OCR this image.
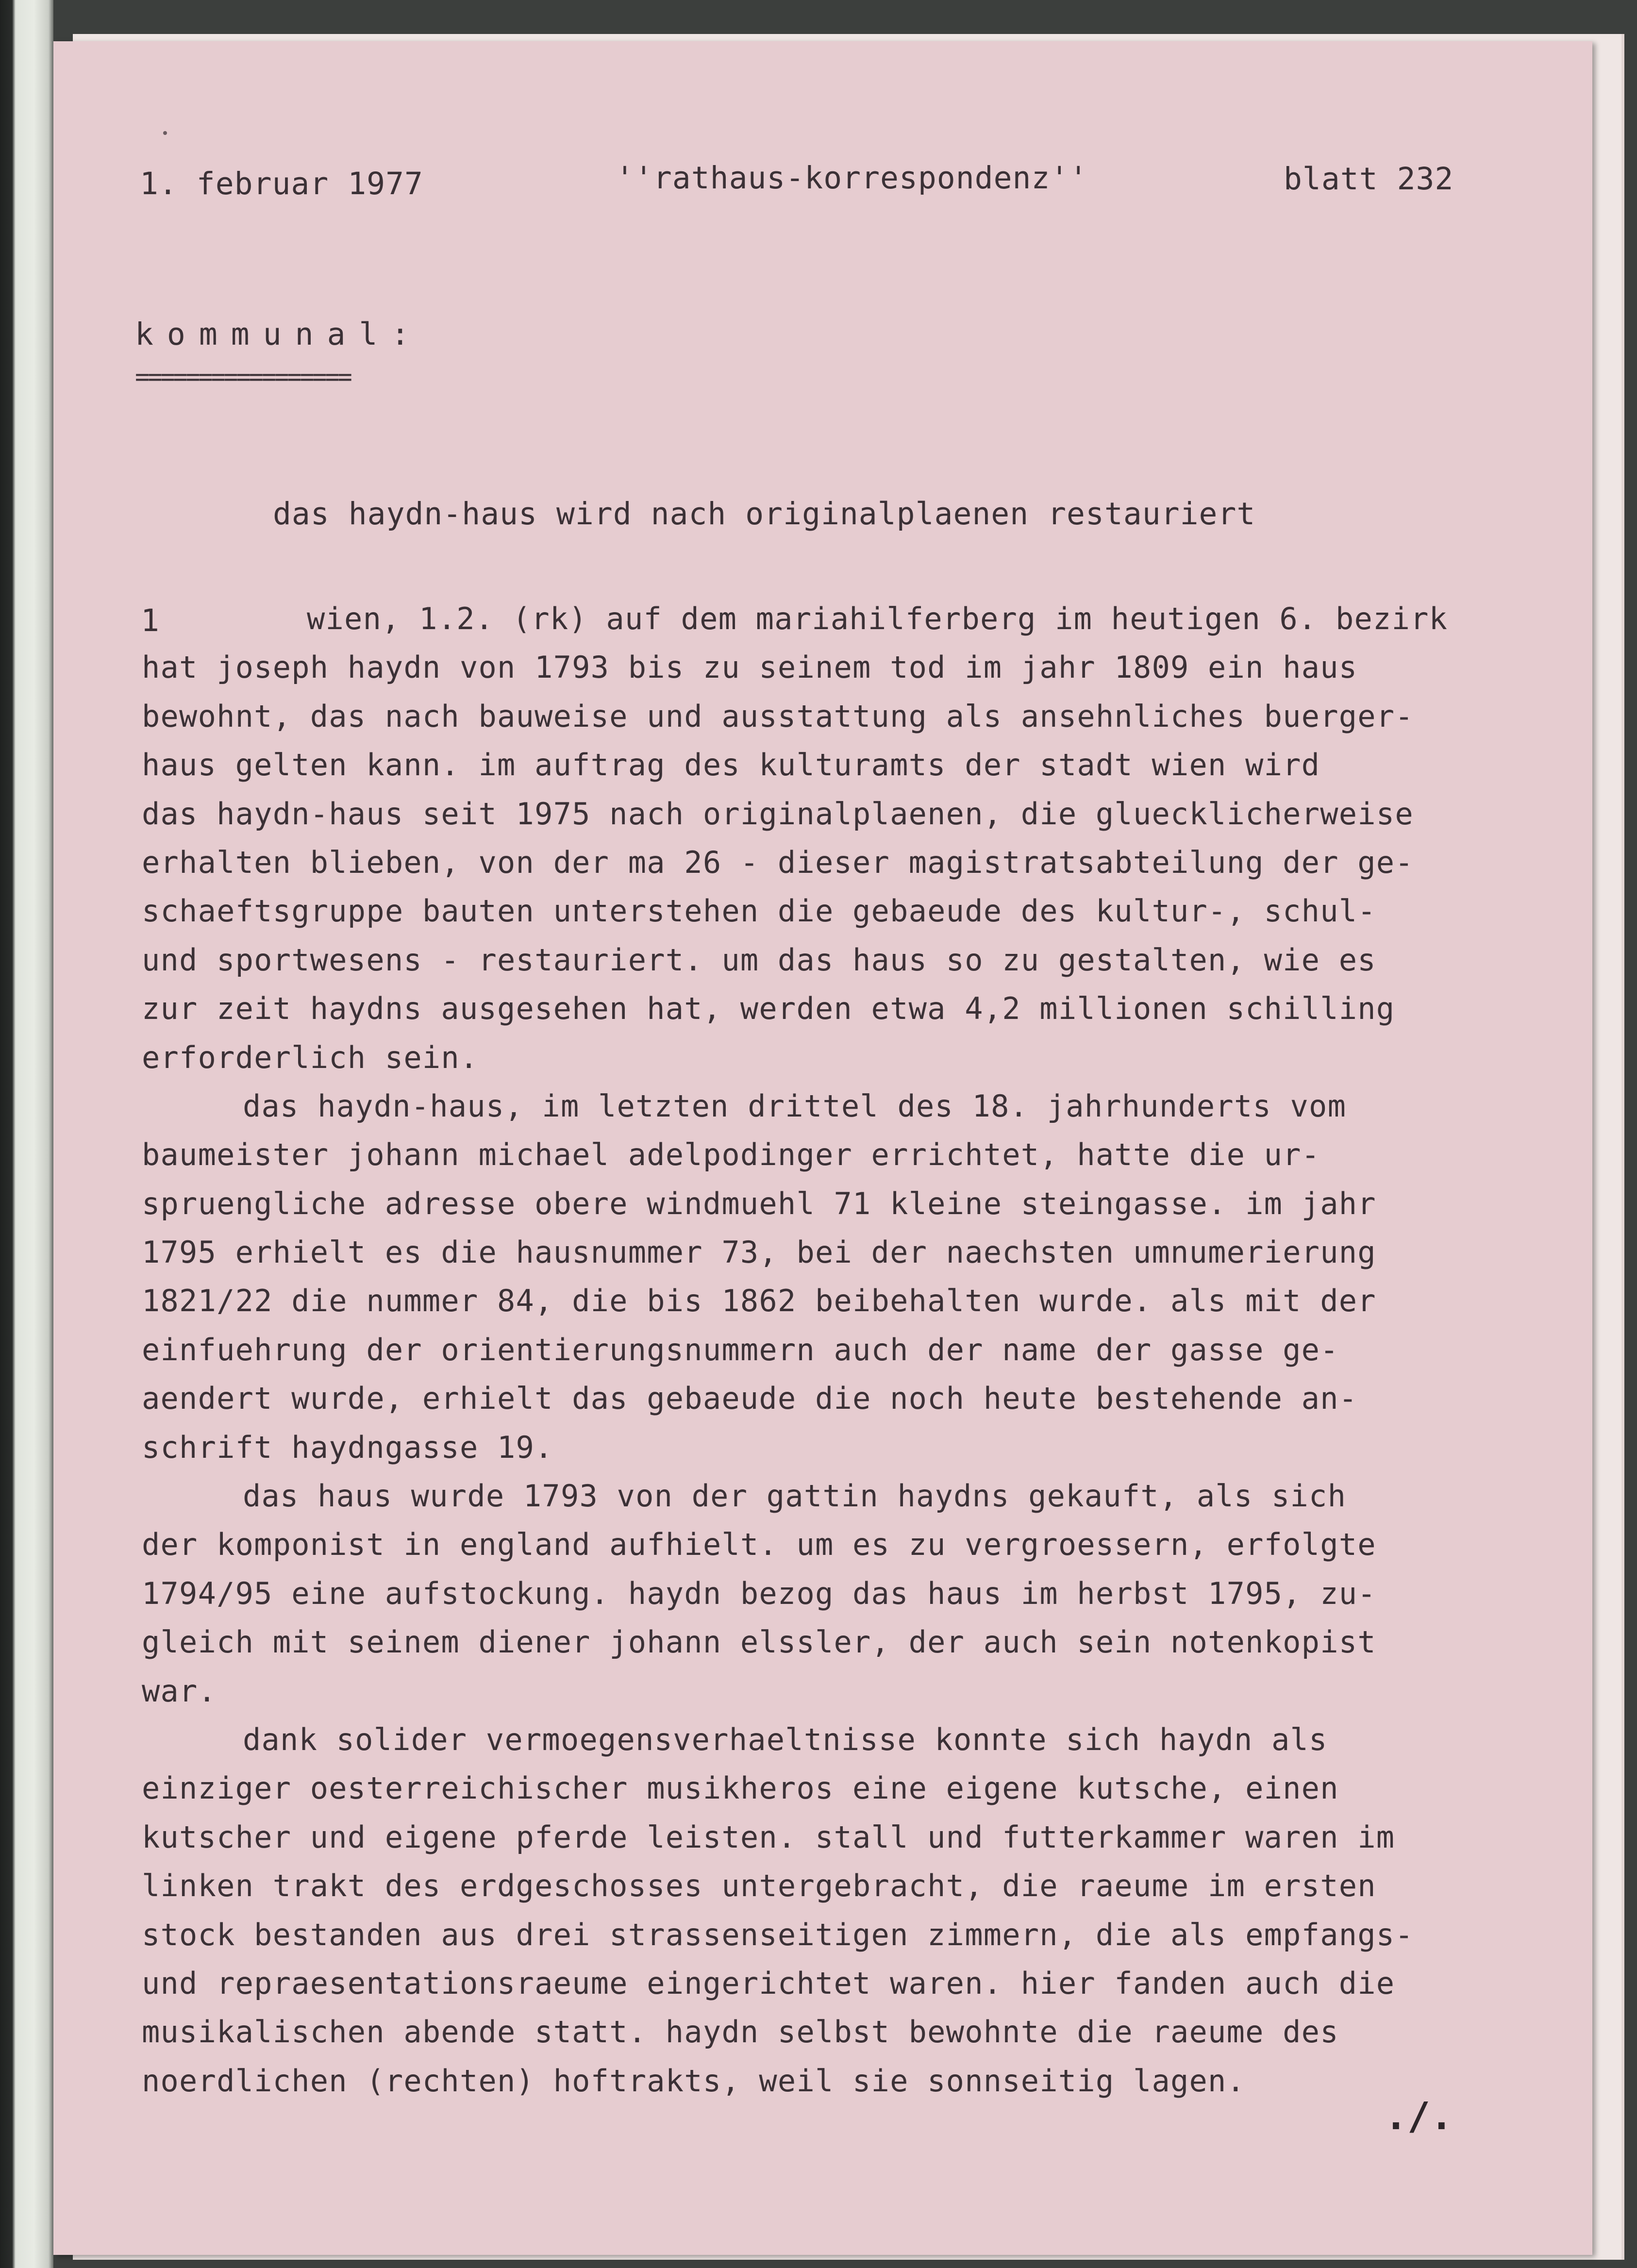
1. februar 1977	''rathaus-korrespondenz''	blatt 232
kommunal:
=================
das haydn-haus wird nach originalplaenen restauriert
1	wien, 1.2. (rk) auf dem mariahilferberg im heutigen 6. bezirk
hat joseph haydn von 1793 bis zu seinem tod im jahr 1809 ein haus
bewohnt, das nach bauweise und ausstattung als ansehnliches buerger-
haus gelten kann. im auftrag des kulturamts der stadt wien wird
das haydn-haus seit 1975 nach originalplaenen, die gluecklicherweise
erhalten blieben, von der ma 26 - dieser magistratsabteilung der ge-
schaeftsgruppe bauten unterstehen die gebaeude des kultur-, schul-
und sportwesens - restauriert. um das haus so zu gestalten, wie es
zur zeit haydns ausgesehen hat, werden etwa 4,2 millionen schilling
erforderlich sein.
das haydn-haus, im letzten drittel des 18. jahrhunderts vom
baumeister johann michael adelpodinger errichtet, hatte die ur-
spruengliche adresse obere windmuehl 71 kleine steingasse. im jahr
1795 erhielt es die hausnummer 73, bei der naechsten umnumerierung
1821/22 die nummer 84, die bis 1862 beibehalten wurde. als mit der
einfuehrung der orientierungsnummern auch der name der gasse ge-
aendert wurde, erhielt das gebaeude die noch heute bestehende an-
schrift haydngasse 19.
das haus wurde 1793 von der gattin haydns gekauft, als sich
der komponist in england aufhielt. um es zu vergroessern, erfolgte
1794/95 eine aufstockung. haydn bezog das haus im herbst 1795, zu-
gleich mit seinem diener johann elssler, der auch sein notenkopist
war.
dank solider vermoegensverhaeltnisse konnte sich haydn als
einziger oesterreichischer musikheros eine eigene kutsche, einen
kutscher und eigene pferde leisten. stall und futterkammer waren im
linken trakt des erdgeschosses untergebracht, die raeume im ersten
stock bestanden aus drei strassenseitigen zimmern, die als empfangs-
und repraesentationsraeume eingerichtet waren. hier fanden auch die
musikalischen abende statt. haydn selbst bewohnte die raeume des
noerdlichen (rechten) hoftrakts, weil sie sonnseitig lagen.
./.
